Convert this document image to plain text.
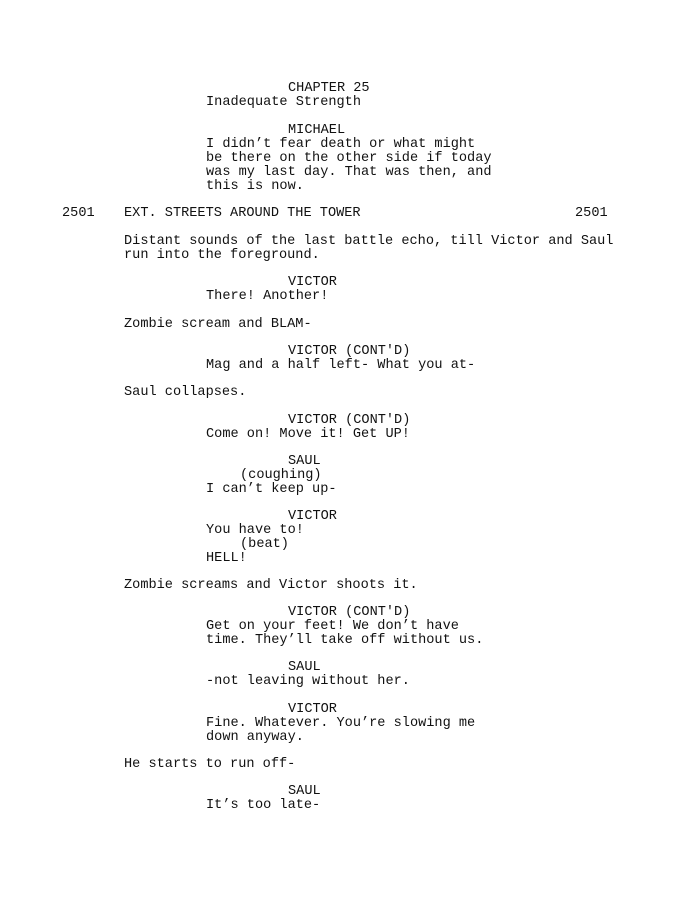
CHAPTER 25
Inadequate Strength
MICHAEL
I didn’t fear death or what might
be there on the other side if today
was my last day. That was then, and
this is now.
2501 EXT. STREETS AROUND THE TOWER	2501
Distant sounds of the last battle echo, till Victor and Saul
run into the foreground.
VICTOR
There! Another!
Zombie scream and BLAM-
VICTOR (CONT'D)
Mag and a half left- What you at-
Saul collapses.
VICTOR (CONT'D)
Come on! Move it! Get UP!
SAUL
(coughing)
I can’t keep up-
VICTOR
You have to!
(beat)
HELL!
Zombie screams and Victor shoots it.
VICTOR (CONT'D)
Get on your feet! We don’t have
time. They’ll take off without us.
SAUL
-not leaving without her.
VICTOR
Fine. Whatever. You’re slowing me
down anyway.
He starts to run off-
SAUL
It’s too late-
